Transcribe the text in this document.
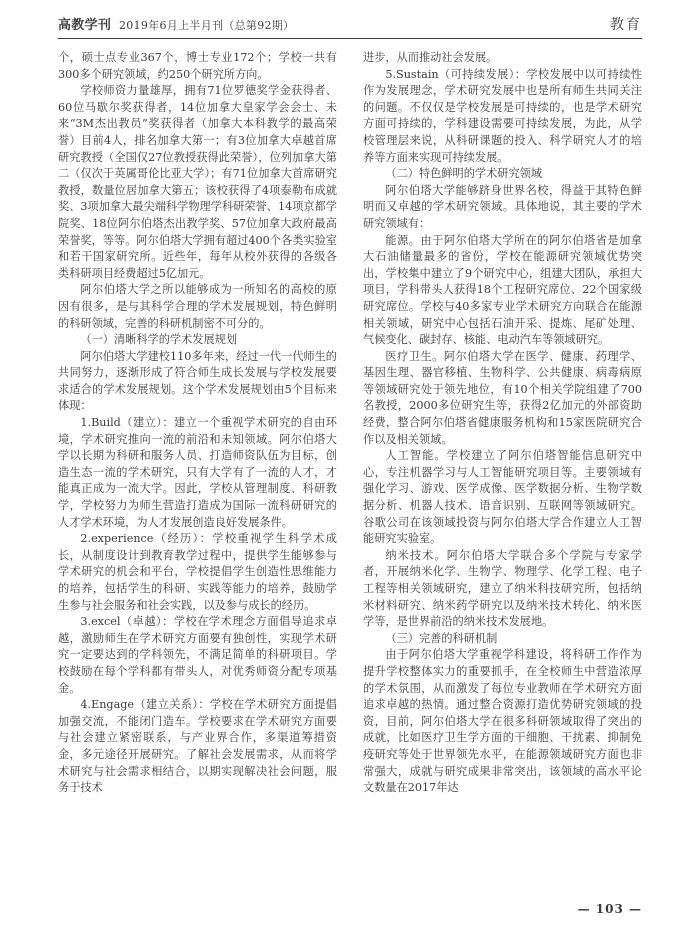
高教学刊 2019年6月上半月刊（总第92期）	教育

个，硕士点专业367个，博士专业172个；学校一共有300多个研究领域，约250个研究所方向。

学校师资力量雄厚，拥有71位罗德奖学金获得者、60位马歇尔奖获得者，14位加拿大皇家学会会士、未来“3M杰出教员”奖获得者（加拿大本科教学的最高荣誉）目前4人，排名加拿大第一；有3位加拿大卓越首席研究教授（全国仅27位教授获得此荣誉），位列加拿大第二（仅次于英属哥伦比亚大学）；有71位加拿大首席研究教授，数量位居加拿大第五；该校获得了4项泰勒布成就奖、3项加拿大最尖端科学物理学科研荣誉、14项京都学院奖、18位阿尔伯塔杰出教学奖、57位加拿大政府最高荣誉奖，等等。阿尔伯塔大学拥有超过400个各类实验室和若干国家研究所。近些年，每年从校外获得的各级各类科研项目经费超过5亿加元。

阿尔伯塔大学之所以能够成为一所知名的高校的原因有很多，是与其科学合理的学术发展规划，特色鲜明的科研领域，完善的科研机制密不可分的。

（一）清晰科学的学术发展规划

阿尔伯塔大学建校110多年来，经过一代一代师生的共同努力，逐渐形成了符合师生成长发展与学校发展要求适合的学术发展规划。这个学术发展规划由5个目标来体现：

1.Build（建立）：建立一个重视学术研究的自由环境，学术研究推向一流的前沿和未知领域。阿尔伯塔大学以长期为科研和服务人员、打造师资队伍为目标，创造生态一流的学术研究，只有大学有了一流的人才，才能真正成为一流大学。因此，学校从管理制度、科研教学，学校努力为师生营造打造成为国际一流科研研究的人才学术环境，为人才发展创造良好发展条件。

2.experience（经历）：学校重视学生科学术成长，从制度设计到教育教学过程中，提供学生能够参与学术研究的机会和平台，学校提倡学生创造性思维能力的培养，包括学生的科研、实践等能力的培养，鼓励学生参与社会服务和社会实践，以及参与成长的经历。

3.excel（卓越）：学校在学术理念方面倡导追求卓越，激励师生在学术研究方面要有独创性，实现学术研究一定要达到的学科领先，不满足简单的科研项目。学校鼓励在每个学科都有带头人，对优秀师资分配专项基金。

4.Engage（建立关系）：学校在学术研究方面提倡加强交流，不能闭门造车。学校要求在学术研究方面要与社会建立紧密联系，与产业界合作，多渠道筹措资金，多元途径开展研究。了解社会发展需求，从而将学术研究与社会需求相结合，以期实现解决社会问题，服务于技术

进步，从而推动社会发展。

5.Sustain（可持续发展）：学校发展中以可持续性作为发展理念，学术研究发展中也是所有师生共同关注的问题。不仅仅是学校发展是可持续的，也是学术研究方面可持续的，学科建设需要可持续发展，为此，从学校管理层来说，从科研课题的投入、科学研究人才的培养等方面来实现可持续发展。

（二）特色鲜明的学术研究领域

阿尔伯塔大学能够跻身世界名校，得益于其特色鲜明而又卓越的学术研究领域。具体地说，其主要的学术研究领域有：

能源。由于阿尔伯塔大学所在的阿尔伯塔省是加拿大石油储量最多的省份，学校在能源研究领域优势突出，学校集中建立了9个研究中心，组建大团队，承担大项目，学科带头人获得18个工程研究席位、22个国家级研究席位。学校与40多家专业学术研究方向联合在能源相关领域，研究中心包括石油开采、提炼、尾矿处理、气候变化、碳封存、核能、电动汽车等领域研究。

医疗卫生。阿尔伯塔大学在医学、健康、药理学、基因生理、器官移植、生物科学、公共健康、病毒病原等领域研究处于领先地位，有10个相关学院组建了700名教授，2000多位研究生等，获得2亿加元的外部资助经费，整合阿尔伯塔省健康服务机构和15家医院研究合作以及相关领域。

人工智能。学校建立了阿尔伯塔智能信息研究中心，专注机器学习与人工智能研究项目等。主要领域有强化学习、游戏、医学成像、医学数据分析、生物学数据分析、机器人技术、语音识别、互联网等领域研究。谷歌公司在该领域投资与阿尔伯塔大学合作建立人工智能研究实验室。

纳米技术。阿尔伯塔大学联合多个学院与专家学者，开展纳米化学、生物学、物理学、化学工程、电子工程等相关领域研究，建立了纳米科技研究所，包括纳米材料研究、纳米药学研究以及纳米技术转化、纳米医学等，是世界前沿的纳米技术发展地。

（三）完善的科研机制

由于阿尔伯塔大学重视学科建设，将科研工作作为提升学校整体实力的重要抓手，在全校师生中营造浓厚的学术氛围，从而激发了每位专业教师在学术研究方面追求卓越的热情。通过整合资源打造优势研究领域的投资，目前，阿尔伯塔大学在很多科研领域取得了突出的成就，比如医疗卫生学方面的干细胞、干扰素、抑制免疫研究等处于世界领先水平，在能源领域研究方面也非常强大，成就与研究成果非常突出，该领域的高水平论文数量在2017年达

— 103 —
